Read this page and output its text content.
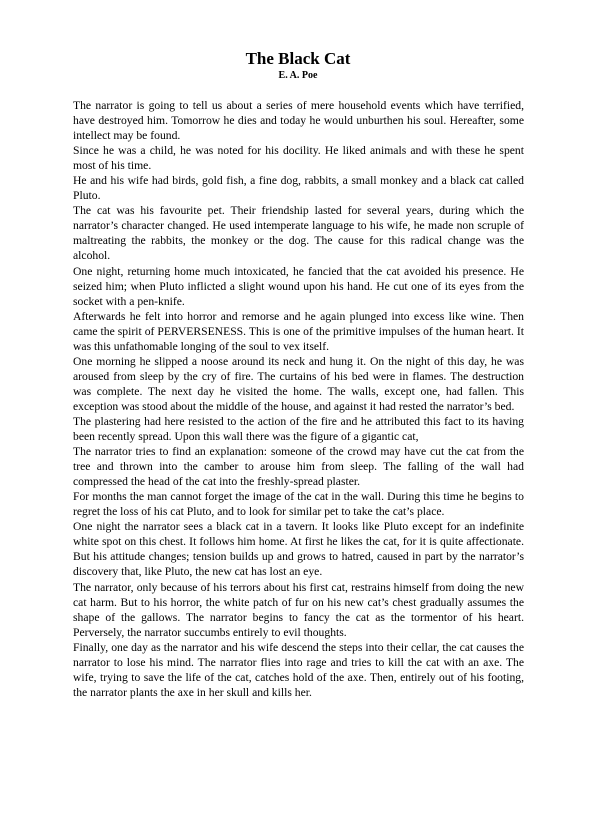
The Black Cat
E. A. Poe

The narrator is going to tell us about a series of mere household events which have terrified, have destroyed him. Tomorrow he dies and today he would unburthen his soul. Hereafter, some intellect may be found.

Since he was a child, he was noted for his docility. He liked animals and with these he spent most of his time.

He and his wife had birds, gold fish, a fine dog, rabbits, a small monkey and a black cat called Pluto.

The cat was his favourite pet. Their friendship lasted for several years, during which the narrator’s character changed. He used intemperate language to his wife, he made non scruple of maltreating the rabbits, the monkey or the dog. The cause for this radical change was the alcohol.

One night, returning home much intoxicated, he fancied that the cat avoided his presence. He seized him; when Pluto inflicted a slight wound upon his hand. He cut one of its eyes from the socket with a pen-knife.

Afterwards he felt into horror and remorse and he again plunged into excess like wine. Then came the spirit of PERVERSENESS. This is one of the primitive impulses of the human heart. It was this unfathomable longing of the soul to vex itself.

One morning he slipped a noose around its neck and hung it. On the night of this day, he was aroused from sleep by the cry of fire. The curtains of his bed were in flames. The destruction was complete. The next day he visited the home. The walls, except one, had fallen. This exception was stood about the middle of the house, and against it had rested the narrator’s bed.

The plastering had here resisted to the action of the fire and he attributed this fact to its having been recently spread. Upon this wall there was the figure of a gigantic cat,

The narrator tries to find an explanation: someone of the crowd may have cut the cat from the tree and thrown into the camber to arouse him from sleep. The falling of the wall had compressed the head of the cat into the freshly-spread plaster.

For months the man cannot forget the image of the cat in the wall. During this time he begins to regret the loss of his cat Pluto, and to look for similar pet to take the cat’s place.

One night the narrator sees a black cat in a tavern. It looks like Pluto except for an indefinite white spot on this chest. It follows him home. At first he likes the cat, for it is quite affectionate. But his attitude changes; tension builds up and grows to hatred, caused in part by the narrator’s discovery that, like Pluto, the new cat has lost an eye.

The narrator, only because of his terrors about his first cat, restrains himself from doing the new cat harm. But to his horror, the white patch of fur on his new cat’s chest gradually assumes the shape of the gallows. The narrator begins to fancy the cat as the tormentor of his heart. Perversely, the narrator succumbs entirely to evil thoughts.

Finally, one day as the narrator and his wife descend the steps into their cellar, the cat causes the narrator to lose his mind. The narrator flies into rage and tries to kill the cat with an axe. The wife, trying to save the life of the cat, catches hold of the axe. Then, entirely out of his footing, the narrator plants the axe in her skull and kills her.
